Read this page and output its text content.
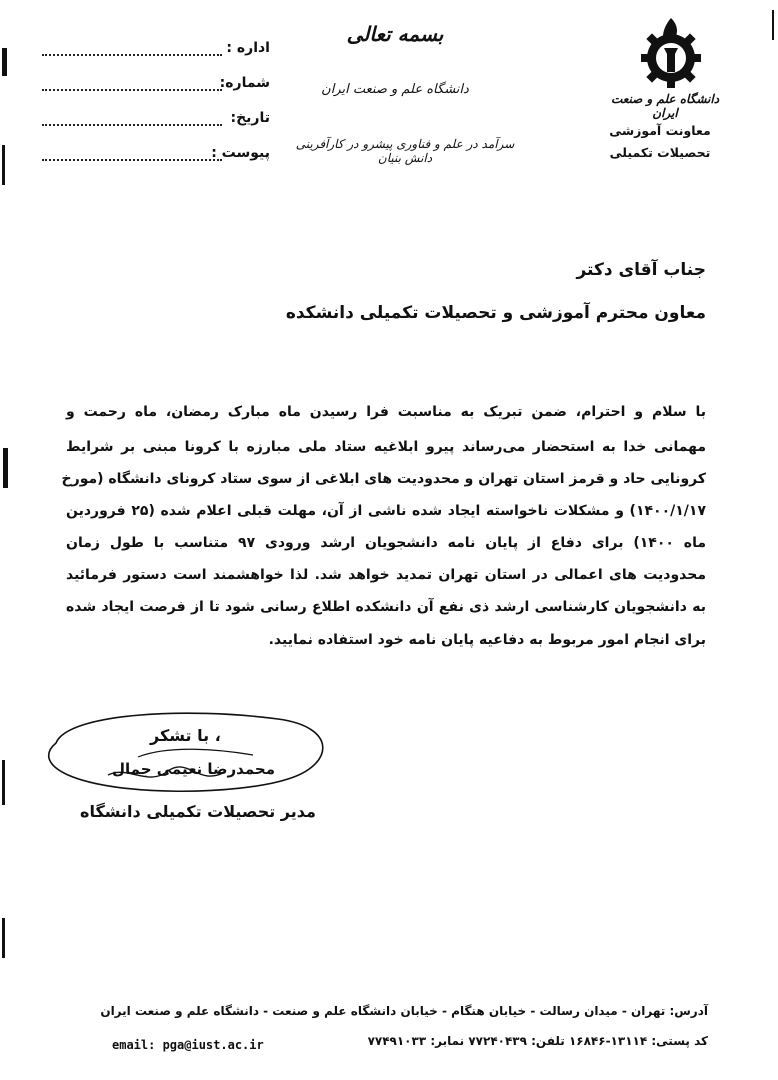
اداره :
شماره:
تاریخ:
پیوست :
بسمه تعالی
دانشگاه علم و صنعت ایران
سرآمد در علم و فناوری پیشرو در کارآفرینی دانش بنیان
دانشگاه علم و صنعت ایران
معاونت آموزشی
تحصیلات تکمیلی
جناب آقای دکتر
معاون محترم آموزشی و تحصیلات تکمیلی دانشکده
با سلام و احترام، ضمن تبریک به مناسبت فرا رسیدن ماه مبارک رمضان، ماه رحمت و
مهمانی خدا به استحضار می‌رساند پیرو ابلاغیه ستاد ملی مبارزه با کرونا مبنی بر شرایط
کرونایی حاد و قرمز استان تهران و محدودیت های ابلاغی از سوی ستاد کرونای دانشگاه (مورخ
۱۴۰۰/۱/۱۷) و مشکلات ناخواسته ایجاد شده ناشی از آن، مهلت قبلی اعلام شده (۲۵ فروردین
ماه ۱۴۰۰) برای دفاع از پایان نامه دانشجویان ارشد ورودی ۹۷ متناسب با طول زمان
محدودیت های اعمالی در استان تهران تمدید خواهد شد. لذا خواهشمند است دستور فرمائید
به دانشجویان کارشناسی ارشد ذی نفع آن دانشکده اطلاع رسانی شود تا از فرصت ایجاد شده
برای انجام امور مربوط به دفاعیه پایان نامه خود استفاده نمایید.
، با تشکر
محمدرضا نعیمی جمال
مدیر تحصیلات تکمیلی دانشگاه
آدرس: تهران - میدان رسالت - خیابان هنگام - خیابان دانشگاه علم و صنعت - دانشگاه علم و صنعت ایران
کد پستی: ۱۳۱۱۴-۱۶۸۴۶ تلفن: ۷۷۲۴۰۴۳۹ نمابر: ۷۷۴۹۱۰۳۳
email: pga@iust.ac.ir
